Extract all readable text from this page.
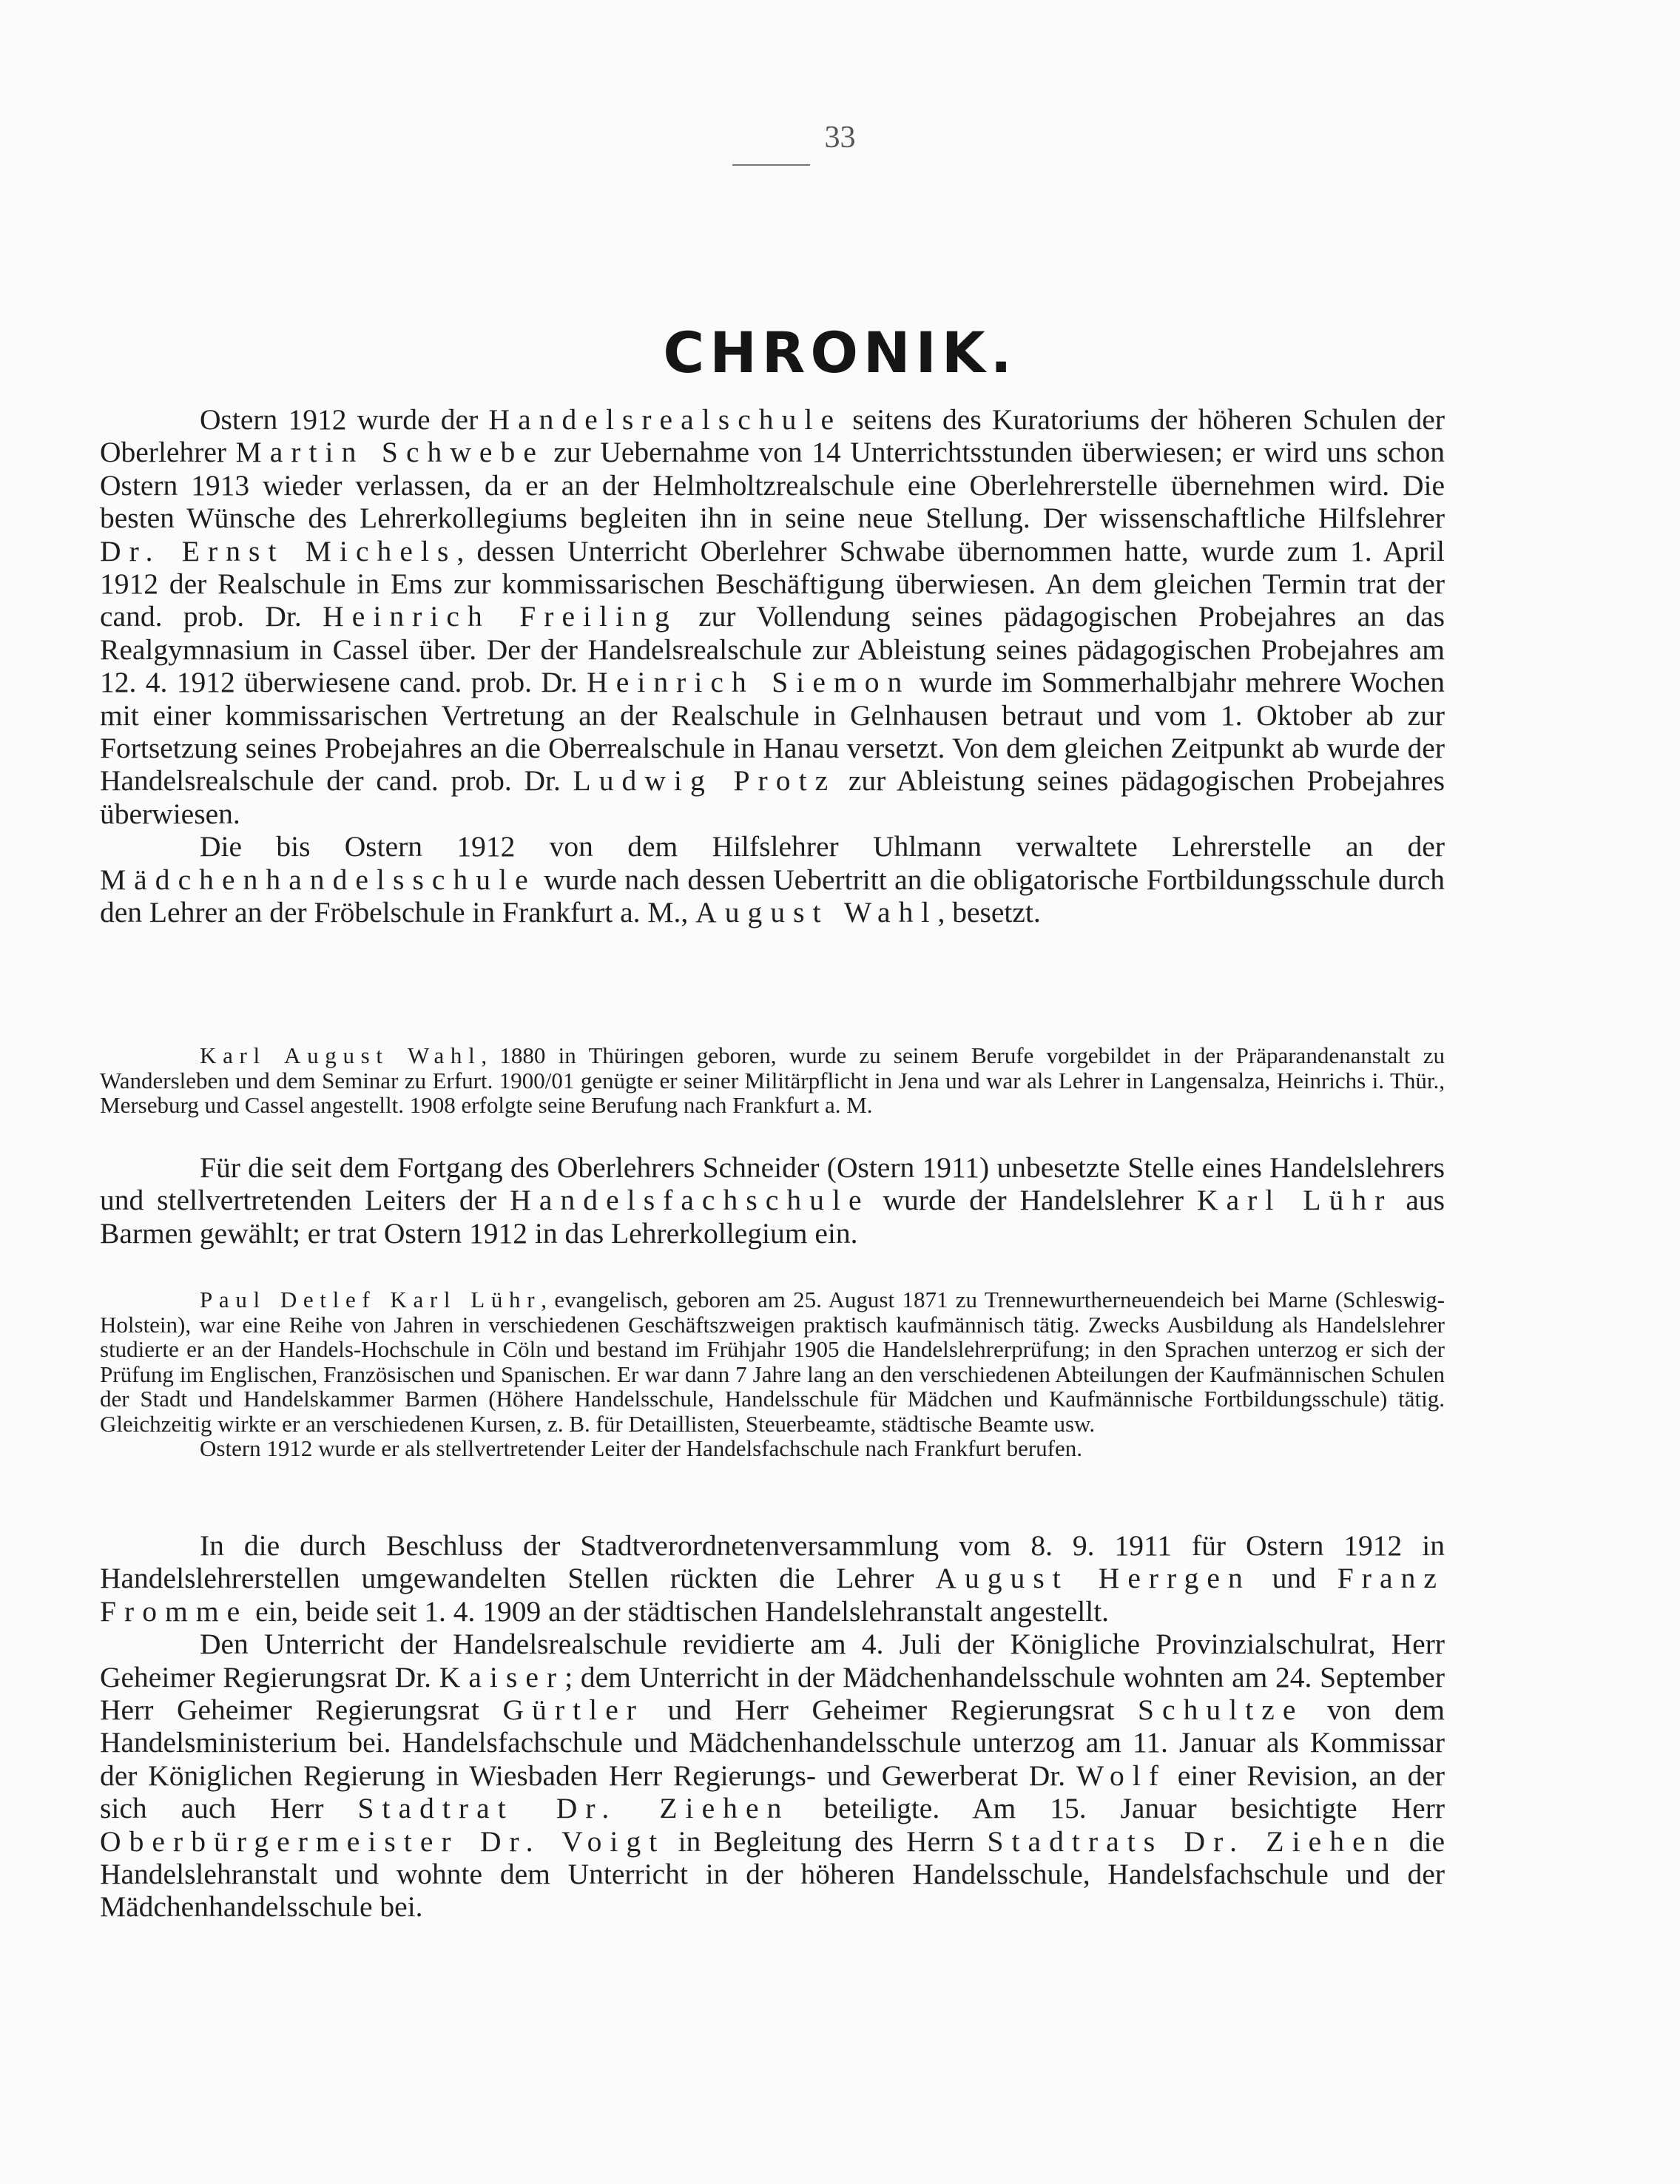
33
CHRONIK.

Ostern 1912 wurde der Handelsrealschule seitens des Kuratoriums der höheren Schulen der Oberlehrer Martin Schwebe zur Uebernahme von 14 Unterrichtsstunden überwiesen; er wird uns schon Ostern 1913 wieder verlassen, da er an der Helmholtzrealschule eine Oberlehrerstelle übernehmen wird. Die besten Wünsche des Lehrerkollegiums begleiten ihn in seine neue Stellung. Der wissenschaftliche Hilfslehrer Dr. Ernst Michels, dessen Unterricht Oberlehrer Schwabe übernommen hatte, wurde zum 1. April 1912 der Realschule in Ems zur kommissarischen Beschäftigung überwiesen. An dem gleichen Termin trat der cand. prob. Dr. Heinrich Freiling zur Vollendung seines pädagogischen Probejahres an das Realgymnasium in Cassel über. Der der Handelsrealschule zur Ableistung seines pädagogischen Probejahres am 12. 4. 1912 überwiesene cand. prob. Dr. Heinrich Siemon wurde im Sommerhalbjahr mehrere Wochen mit einer kommissarischen Vertretung an der Realschule in Gelnhausen betraut und vom 1. Oktober ab zur Fortsetzung seines Probejahres an die Oberrealschule in Hanau versetzt. Von dem gleichen Zeitpunkt ab wurde der Handelsrealschule der cand. prob. Dr. Ludwig Protz zur Ableistung seines pädagogischen Probejahres überwiesen.

Die bis Ostern 1912 von dem Hilfslehrer Uhlmann verwaltete Lehrerstelle an der Mädchenhandelsschule wurde nach dessen Uebertritt an die obligatorische Fortbildungsschule durch den Lehrer an der Fröbelschule in Frankfurt a. M., August Wahl, besetzt.

Karl August Wahl, 1880 in Thüringen geboren, wurde zu seinem Berufe vorgebildet in der Präparandenanstalt zu Wandersleben und dem Seminar zu Erfurt. 1900/01 genügte er seiner Militärpflicht in Jena und war als Lehrer in Langensalza, Heinrichs i. Thür., Merseburg und Cassel angestellt. 1908 erfolgte seine Berufung nach Frankfurt a. M.

Für die seit dem Fortgang des Oberlehrers Schneider (Ostern 1911) unbesetzte Stelle eines Handelslehrers und stellvertretenden Leiters der Handelsfachschule wurde der Handelslehrer Karl Lühr aus Barmen gewählt; er trat Ostern 1912 in das Lehrerkollegium ein.

Paul Detlef Karl Lühr, evangelisch, geboren am 25. August 1871 zu Trennewurtherneuendeich bei Marne (Schleswig-Holstein), war eine Reihe von Jahren in verschiedenen Geschäftszweigen praktisch kaufmännisch tätig. Zwecks Ausbildung als Handelslehrer studierte er an der Handels-Hochschule in Cöln und bestand im Frühjahr 1905 die Handelslehrerprüfung; in den Sprachen unterzog er sich der Prüfung im Englischen, Französischen und Spanischen. Er war dann 7 Jahre lang an den verschiedenen Abteilungen der Kaufmännischen Schulen der Stadt und Handelskammer Barmen (Höhere Handelsschule, Handelsschule für Mädchen und Kaufmännische Fortbildungsschule) tätig. Gleichzeitig wirkte er an verschiedenen Kursen, z. B. für Detaillisten, Steuerbeamte, städtische Beamte usw.

Ostern 1912 wurde er als stellvertretender Leiter der Handelsfachschule nach Frankfurt berufen.

In die durch Beschluss der Stadtverordnetenversammlung vom 8. 9. 1911 für Ostern 1912 in Handelslehrerstellen umgewandelten Stellen rückten die Lehrer August Herrgen und Franz Fromme ein, beide seit 1. 4. 1909 an der städtischen Handelslehranstalt angestellt.

Den Unterricht der Handelsrealschule revidierte am 4. Juli der Königliche Provinzialschulrat, Herr Geheimer Regierungsrat Dr. Kaiser; dem Unterricht in der Mädchenhandelsschule wohnten am 24. September Herr Geheimer Regierungsrat Gürtler und Herr Geheimer Regierungsrat Schultze von dem Handelsministerium bei. Handelsfachschule und Mädchenhandelsschule unterzog am 11. Januar als Kommissar der Königlichen Regierung in Wiesbaden Herr Regierungs- und Gewerberat Dr. Wolf einer Revision, an der sich auch Herr Stadtrat Dr. Ziehen beteiligte. Am 15. Januar besichtigte Herr Oberbürgermeister Dr. Voigt in Begleitung des Herrn Stadtrats Dr. Ziehen die Handelslehranstalt und wohnte dem Unterricht in der höheren Handelsschule, Handelsfachschule und der Mädchenhandelsschule bei.
